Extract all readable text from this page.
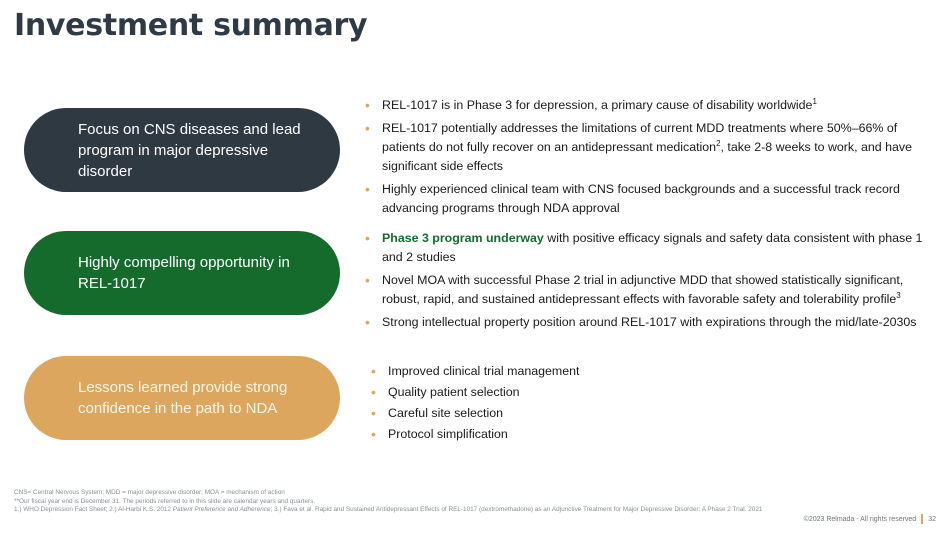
Investment summary
Focus on CNS diseases and lead program in major depressive disorder
Highly compelling opportunity in REL-1017
Lessons learned provide strong confidence in the path to NDA
• REL-1017 is in Phase 3 for depression, a primary cause of disability worldwide$^1$
• REL-1017 potentially addresses the limitations of current MDD treatments where 50%–66% of patients do not fully recover on an antidepressant medication$^2$, take 2-8 weeks to work, and have significant side effects
• Highly experienced clinical team with CNS focused backgrounds and a successful track record advancing programs through NDA approval
• Phase 3 program underway with positive efficacy signals and safety data consistent with phase 1 and 2 studies
• Novel MOA with successful Phase 2 trial in adjunctive MDD that showed statistically significant, robust, rapid, and sustained antidepressant effects with favorable safety and tolerability profile$^3$
• Strong intellectual property position around REL-1017 with expirations through the mid/late-2030s
• Improved clinical trial management
• Quality patient selection
• Careful site selection
• Protocol simplification

CNS= Central Nervous System; MDD = major depressive disorder; MOA = mechanism of action

**Our fiscal year end is December 31. The periods referred to in this slide are calendar years and quarters.

1.) WHO Depression Fact Sheet; 2.) Al-Harbi K.S. 2012 Patient Preference and Adherence; 3.) Fava et al. Rapid and Sustained Antidepressant Effects of REL-1017 (dextromethadone) as an Adjunctive Treatment for Major Depressive Disorder: A Phase 2 Trial. 2021

©2023 Relmada - All rights reserved 32
